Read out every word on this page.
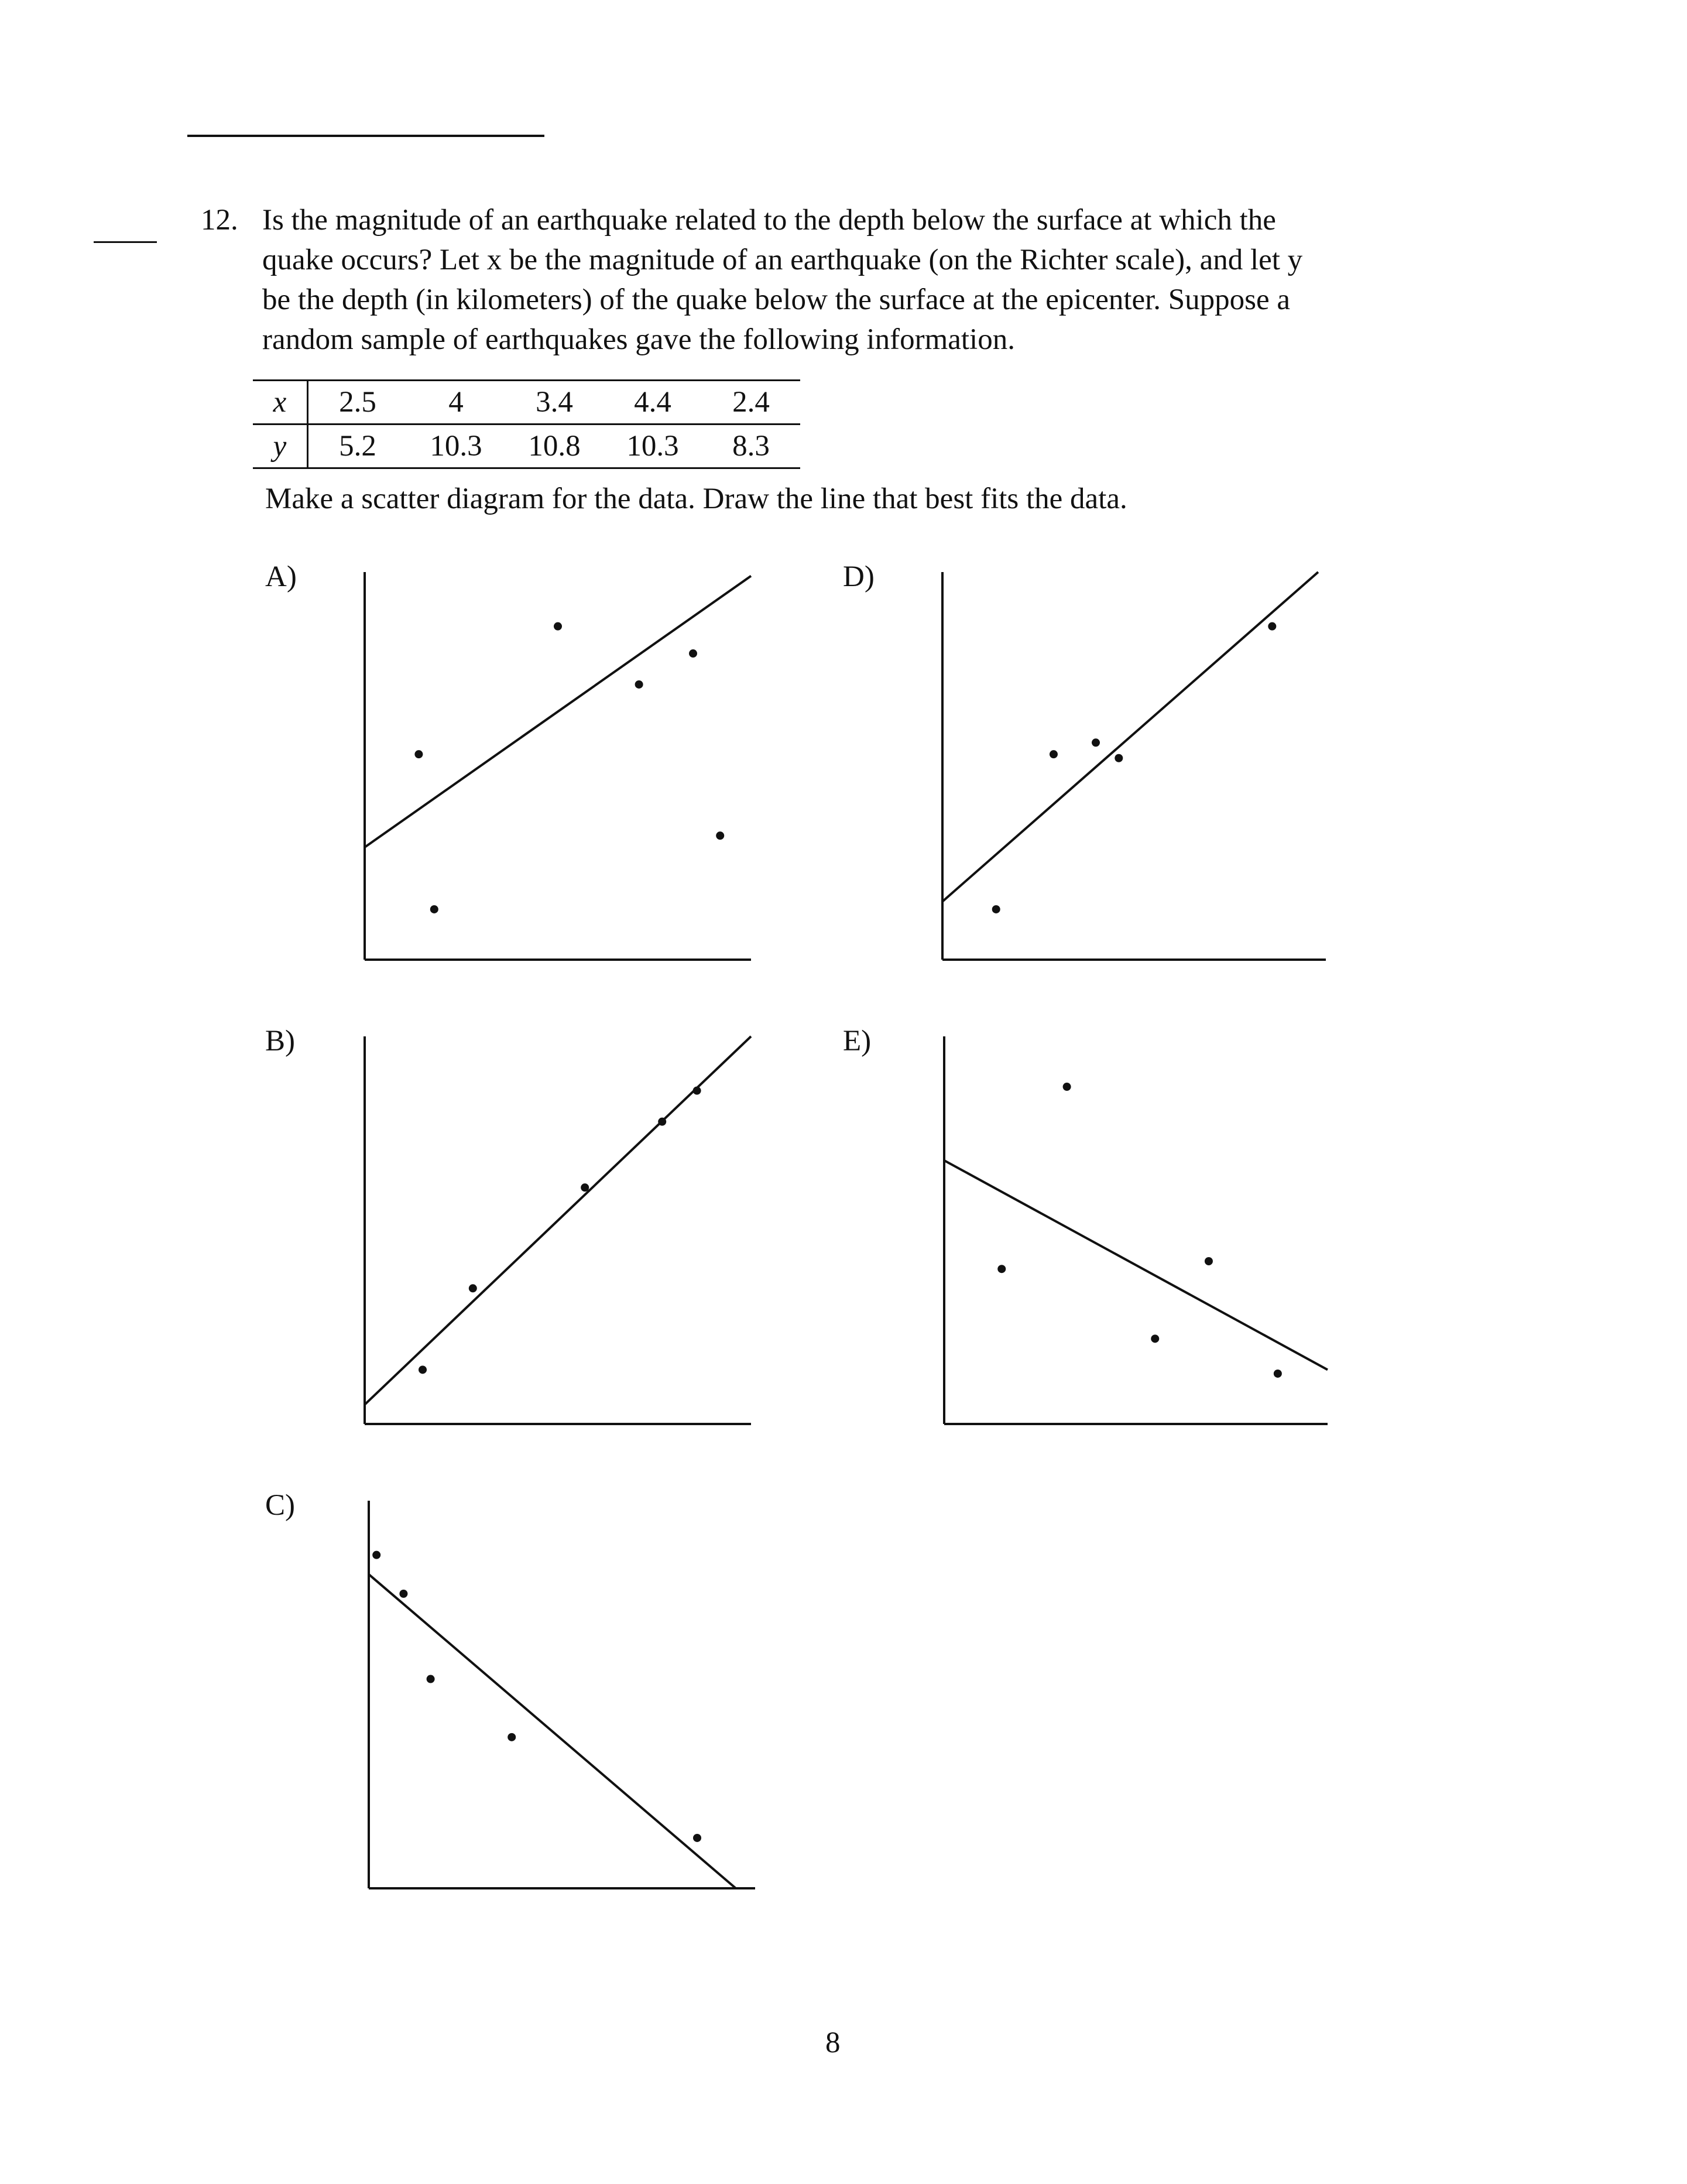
12. Is the magnitude of an earthquake related to the depth below the surface at which the
quake occurs? Let x be the magnitude of an earthquake (on the Richter scale), and let y
be the depth (in kilometers) of the quake below the surface at the epicenter. Suppose a
random sample of earthquakes gave the following information.
x	2.5	4	3.4	4.4	2.4
y	5.2	10.3	10.8	10.3	8.3
Make a scatter diagram for the data. Draw the line that best fits the data.
A)	D)
B)	E)
C)
8
